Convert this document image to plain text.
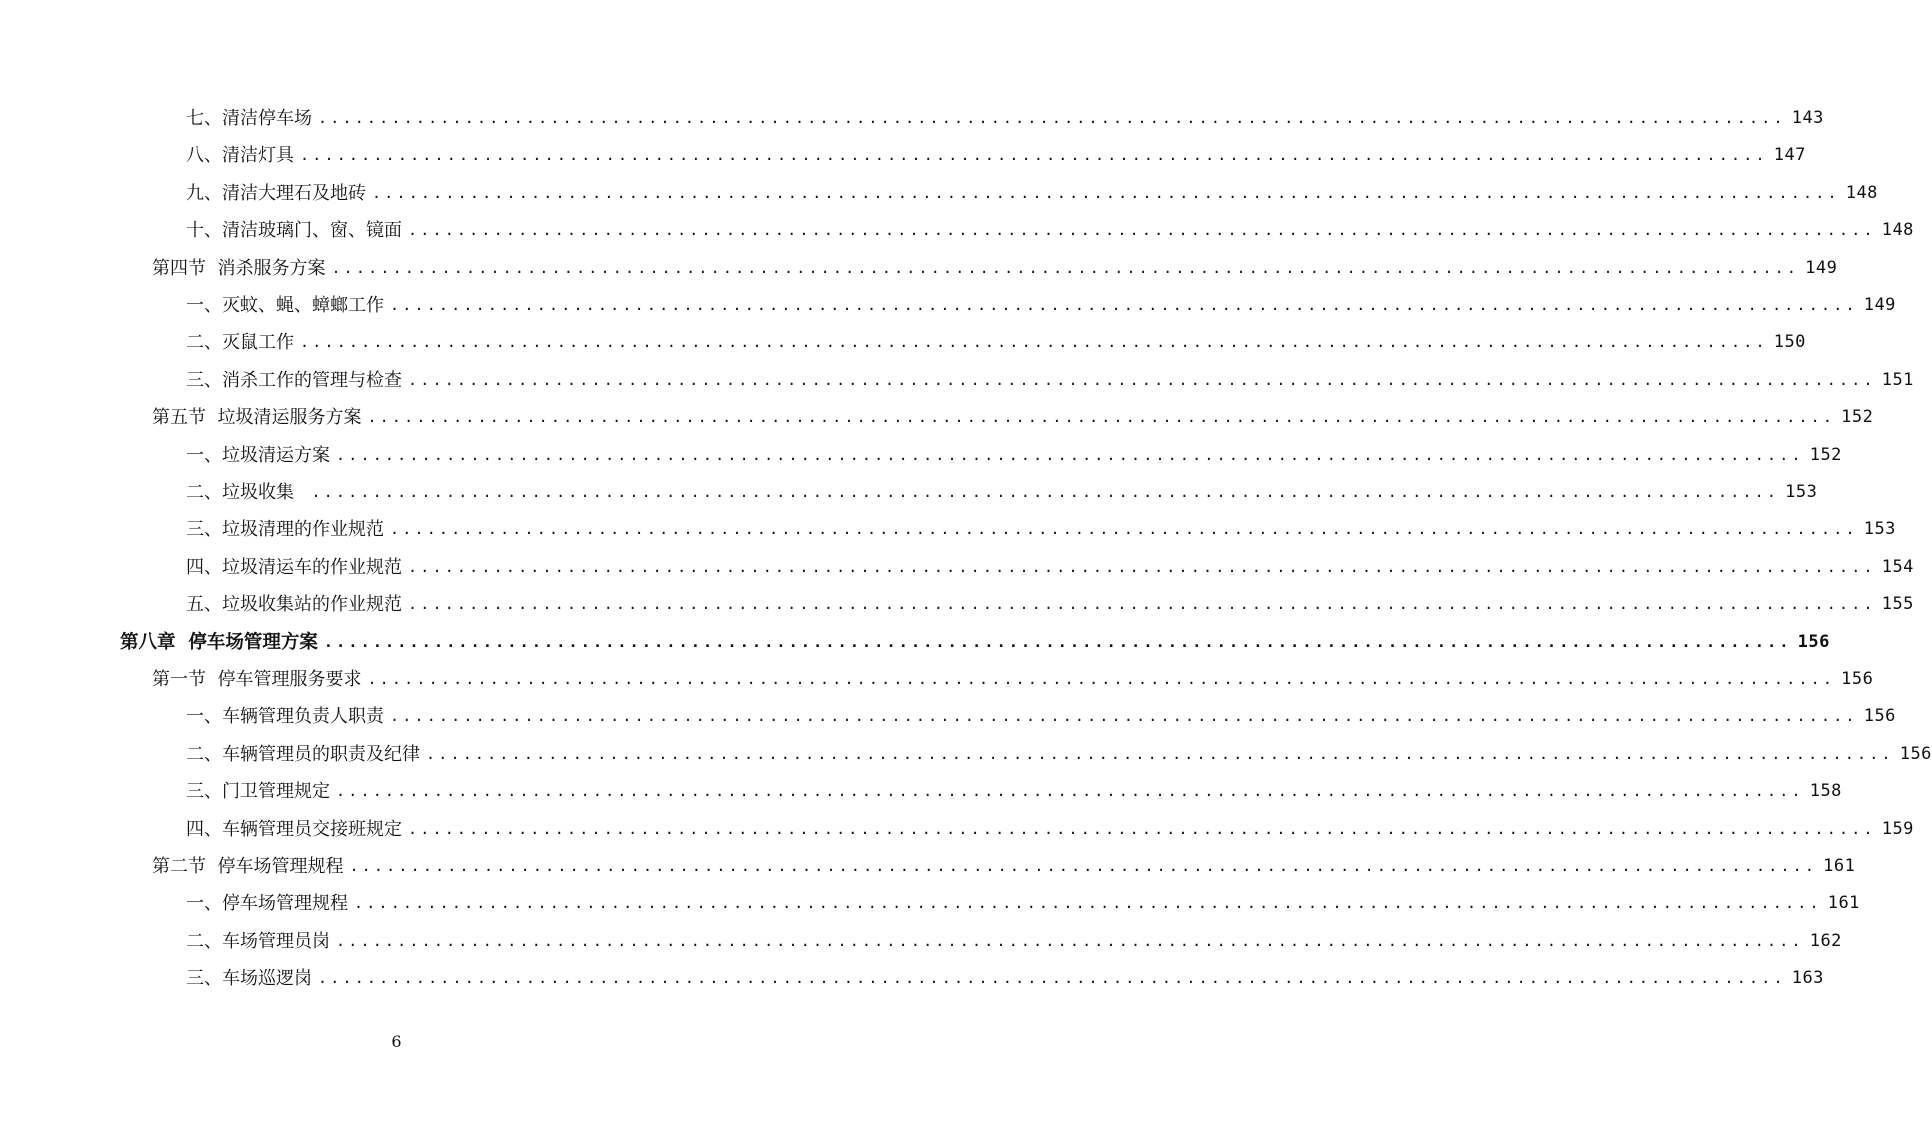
七、清洁停车场 ........................................................................................................................ 143
八、清洁灯具 ........................................................................................................................ 147
九、清洁大理石及地砖 ........................................................................................................................ 148
十、清洁玻璃门、窗、镜面 ........................................................................................................................ 148
第四节  消杀服务方案 ........................................................................................................................ 149
一、灭蚊、蝇、蟑螂工作 ........................................................................................................................ 149
二、灭鼠工作 ........................................................................................................................ 150
三、消杀工作的管理与检查 ........................................................................................................................ 151
第五节  垃圾清运服务方案 ........................................................................................................................ 152
一、垃圾清运方案 ........................................................................................................................ 152
二、垃圾收集 ........................................................................................................................ 153
三、垃圾清理的作业规范 ........................................................................................................................ 153
四、垃圾清运车的作业规范 ........................................................................................................................ 154
五、垃圾收集站的作业规范 ........................................................................................................................ 155
第八章  停车场管理方案 ........................................................................................................................ 156
第一节  停车管理服务要求 ........................................................................................................................ 156
一、车辆管理负责人职责 ........................................................................................................................ 156
二、车辆管理员的职责及纪律 ........................................................................................................................ 156
三、门卫管理规定 ........................................................................................................................ 158
四、车辆管理员交接班规定 ........................................................................................................................ 159
第二节  停车场管理规程 ........................................................................................................................ 161
一、停车场管理规程 ........................................................................................................................ 161
二、车场管理员岗 ........................................................................................................................ 162
三、车场巡逻岗 ........................................................................................................................ 163
6
